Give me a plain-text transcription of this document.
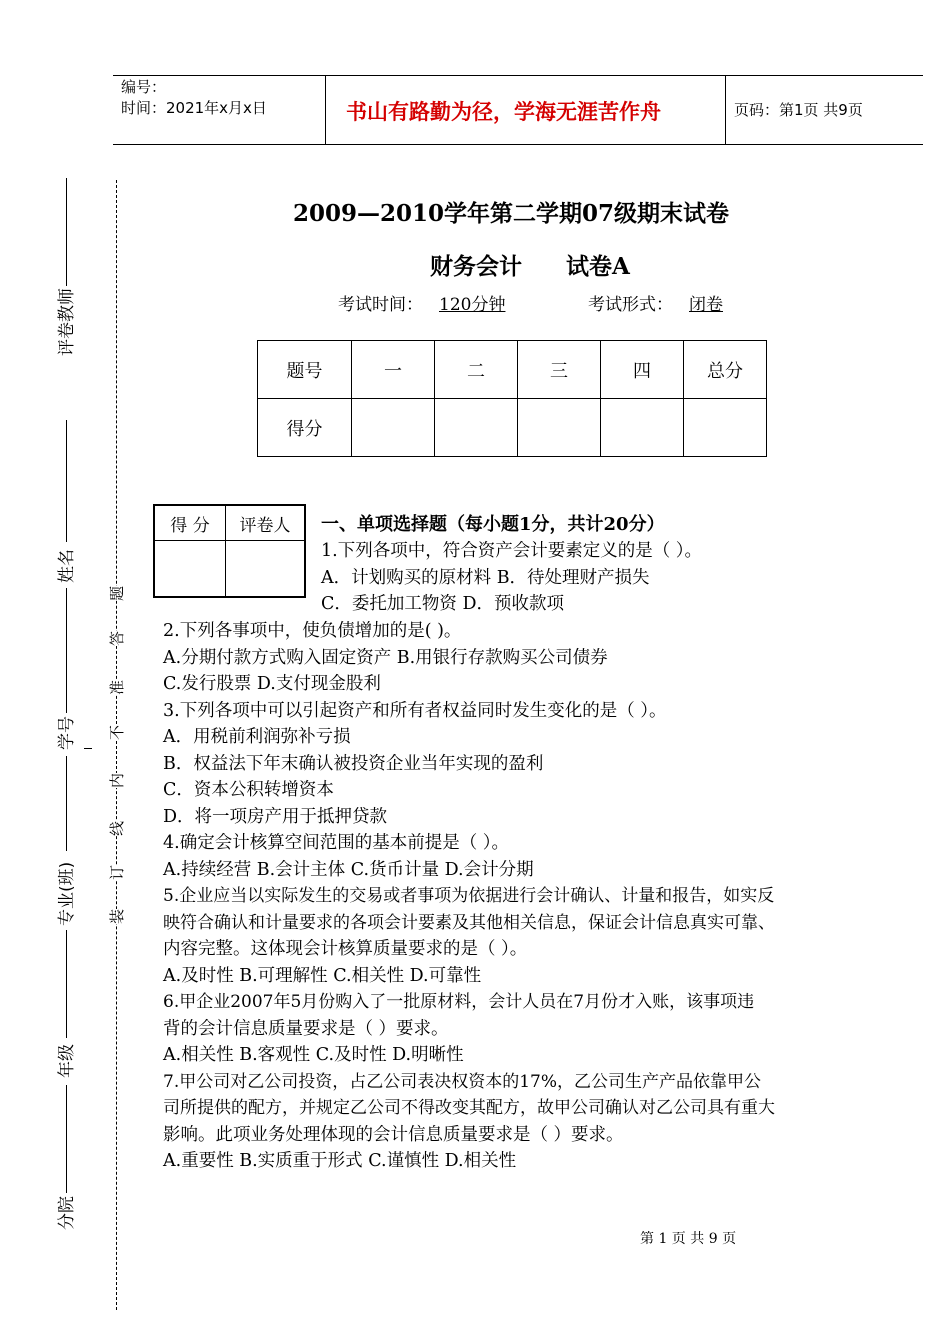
编号：
时间：2021年x月x日	书山有路勤为径，学海无涯苦作舟	页码：第1页 共9页
评卷教师
姓名
学号
专业(班)
年级
分院
题
答
准
不
内
线
订
装
2009—2010学年第二学期07级期末试卷
财务会计 试卷A
考试时间： 120分钟	考试形式： 闭卷
题号	一	二	三	四	总分
得分					
得 分	评卷人
	一、单项选择题（每小题1分，共计20分）
1.下列各项中，符合资产会计要素定义的是（ ）。
A．计划购买的原材料 B．待处理财产损失
C．委托加工物资 D．预收款项
2.下列各事项中，使负债增加的是( )。
A.分期付款方式购入固定资产 B.用银行存款购买公司债券
C.发行股票 D.支付现金股利
3.下列各项中可以引起资产和所有者权益同时发生变化的是（ ）。
A．用税前利润弥补亏损
B．权益法下年末确认被投资企业当年实现的盈利
C．资本公积转增资本
D．将一项房产用于抵押贷款
4.确定会计核算空间范围的基本前提是（ ）。
A.持续经营 B.会计主体 C.货币计量 D.会计分期
5.企业应当以实际发生的交易或者事项为依据进行会计确认、计量和报告，如实反
映符合确认和计量要求的各项会计要素及其他相关信息，保证会计信息真实可靠、
内容完整。这体现会计核算质量要求的是（ ）。
A.及时性 B.可理解性 C.相关性 D.可靠性
6.甲企业2007年5月份购入了一批原材料，会计人员在7月份才入账，该事项违
背的会计信息质量要求是（ ）要求。
A.相关性 B.客观性 C.及时性 D.明晰性
7.甲公司对乙公司投资，占乙公司表决权资本的17%，乙公司生产产品依靠甲公
司所提供的配方，并规定乙公司不得改变其配方，故甲公司确认对乙公司具有重大
影响。此项业务处理体现的会计信息质量要求是（ ）要求。
A.重要性 B.实质重于形式 C.谨慎性 D.相关性
第 1 页 共 9 页
